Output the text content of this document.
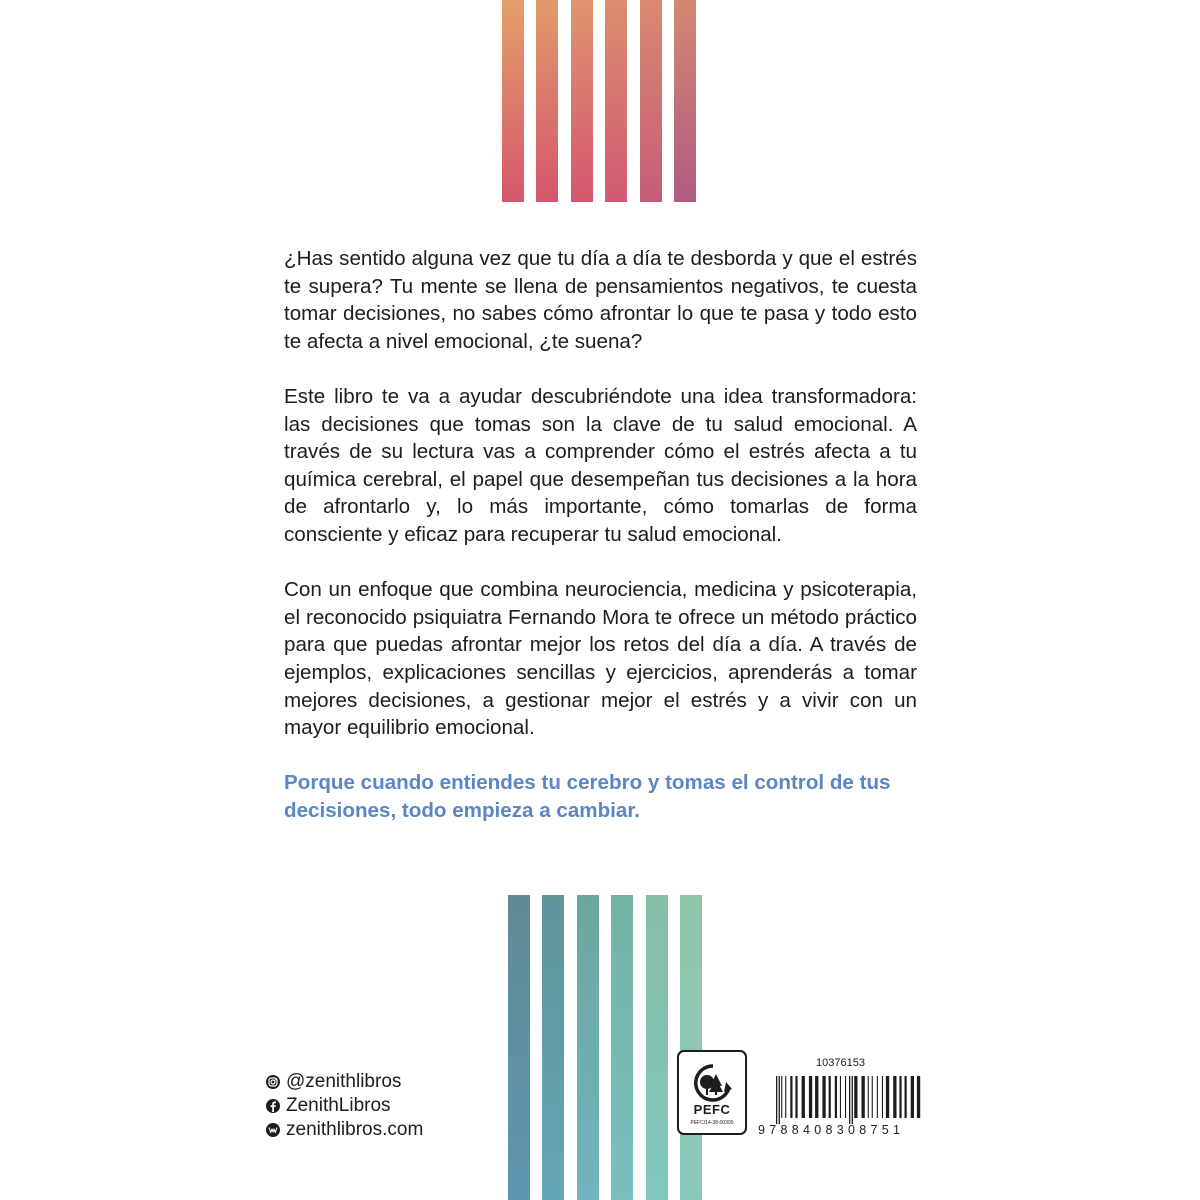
¿Has sentido alguna vez que tu día a día te desborda y que el estrés te supera? Tu mente se llena de pensamientos negativos, te cuesta tomar decisiones, no sabes cómo afrontar lo que te pasa y todo esto te afecta a nivel emocional, ¿te suena?

Este libro te va a ayudar descubriéndote una idea transformadora: las decisiones que tomas son la clave de tu salud emocional. A través de su lectura vas a comprender cómo el estrés afecta a tu química cerebral, el papel que desempeñan tus decisiones a la hora de afrontarlo y, lo más importante, cómo tomarlas de forma consciente y eficaz para recuperar tu salud emocional.

Con un enfoque que combina neurociencia, medicina y psicoterapia, el reconocido psiquiatra Fernando Mora te ofrece un método práctico para que puedas afrontar mejor los retos del día a día. A través de ejemplos, explicaciones sencillas y ejercicios, aprenderás a tomar mejores decisiones, a gestionar mejor el estrés y a vivir con un mayor equilibrio emocional.

Porque cuando entiendes tu cerebro y tomas el control de tus decisiones, todo empieza a cambiar.

@zenithlibros
ZenithLibros
zenithlibros.com
PEFC
PEFC/14-38-00305
10376153
9788408308751
